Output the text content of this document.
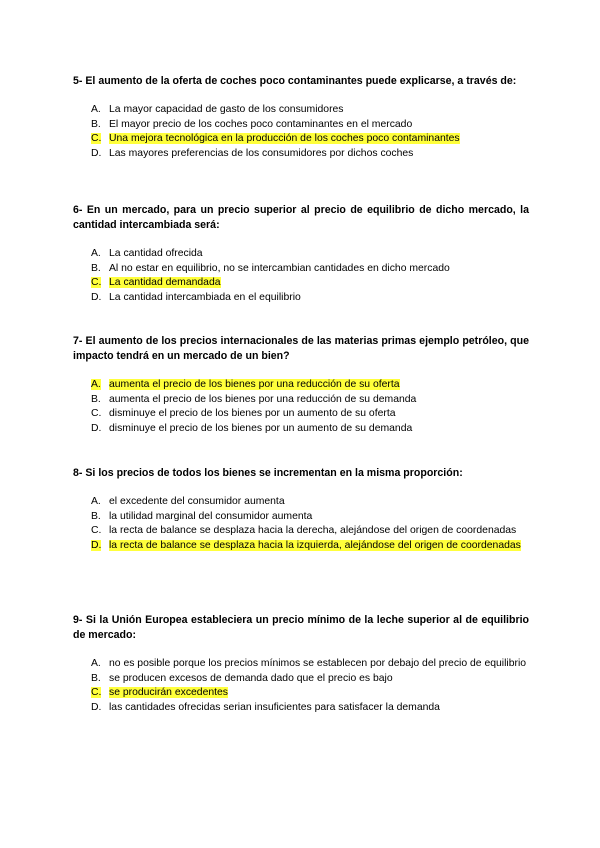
5- El aumento de la oferta de coches poco contaminantes puede explicarse, a través de:

A. La mayor capacidad de gasto de los consumidores
B. El mayor precio de los coches poco contaminantes en el mercado
C. Una mejora tecnológica en la producción de los coches poco contaminantes
D. Las mayores preferencias de los consumidores por dichos coches

6- En un mercado, para un precio superior al precio de equilibrio de dicho mercado, la cantidad intercambiada será:

A. La cantidad ofrecida
B. Al no estar en equilibrio, no se intercambian cantidades en dicho mercado
C. La cantidad demandada
D. La cantidad intercambiada en el equilibrio

7- El aumento de los precios internacionales de las materias primas ejemplo petróleo, que impacto tendrá en un mercado de un bien?

A. aumenta el precio de los bienes por una reducción de su oferta
B. aumenta el precio de los bienes por una reducción de su demanda
C. disminuye el precio de los bienes por un aumento de su oferta
D. disminuye el precio de los bienes por un aumento de su demanda

8- Si los precios de todos los bienes se incrementan en la misma proporción:

A. el excedente del consumidor aumenta
B. la utilidad marginal del consumidor aumenta
C. la recta de balance se desplaza hacia la derecha, alejándose del origen de coordenadas
D. la recta de balance se desplaza hacia la izquierda, alejándose del origen de coordenadas

9- Si la Unión Europea estableciera un precio mínimo de la leche superior al de equilibrio de mercado:

A. no es posible porque los precios mínimos se establecen por debajo del precio de equilibrio
B. se producen excesos de demanda dado que el precio es bajo
C. se producirán excedentes
D. las cantidades ofrecidas serian insuficientes para satisfacer la demanda
